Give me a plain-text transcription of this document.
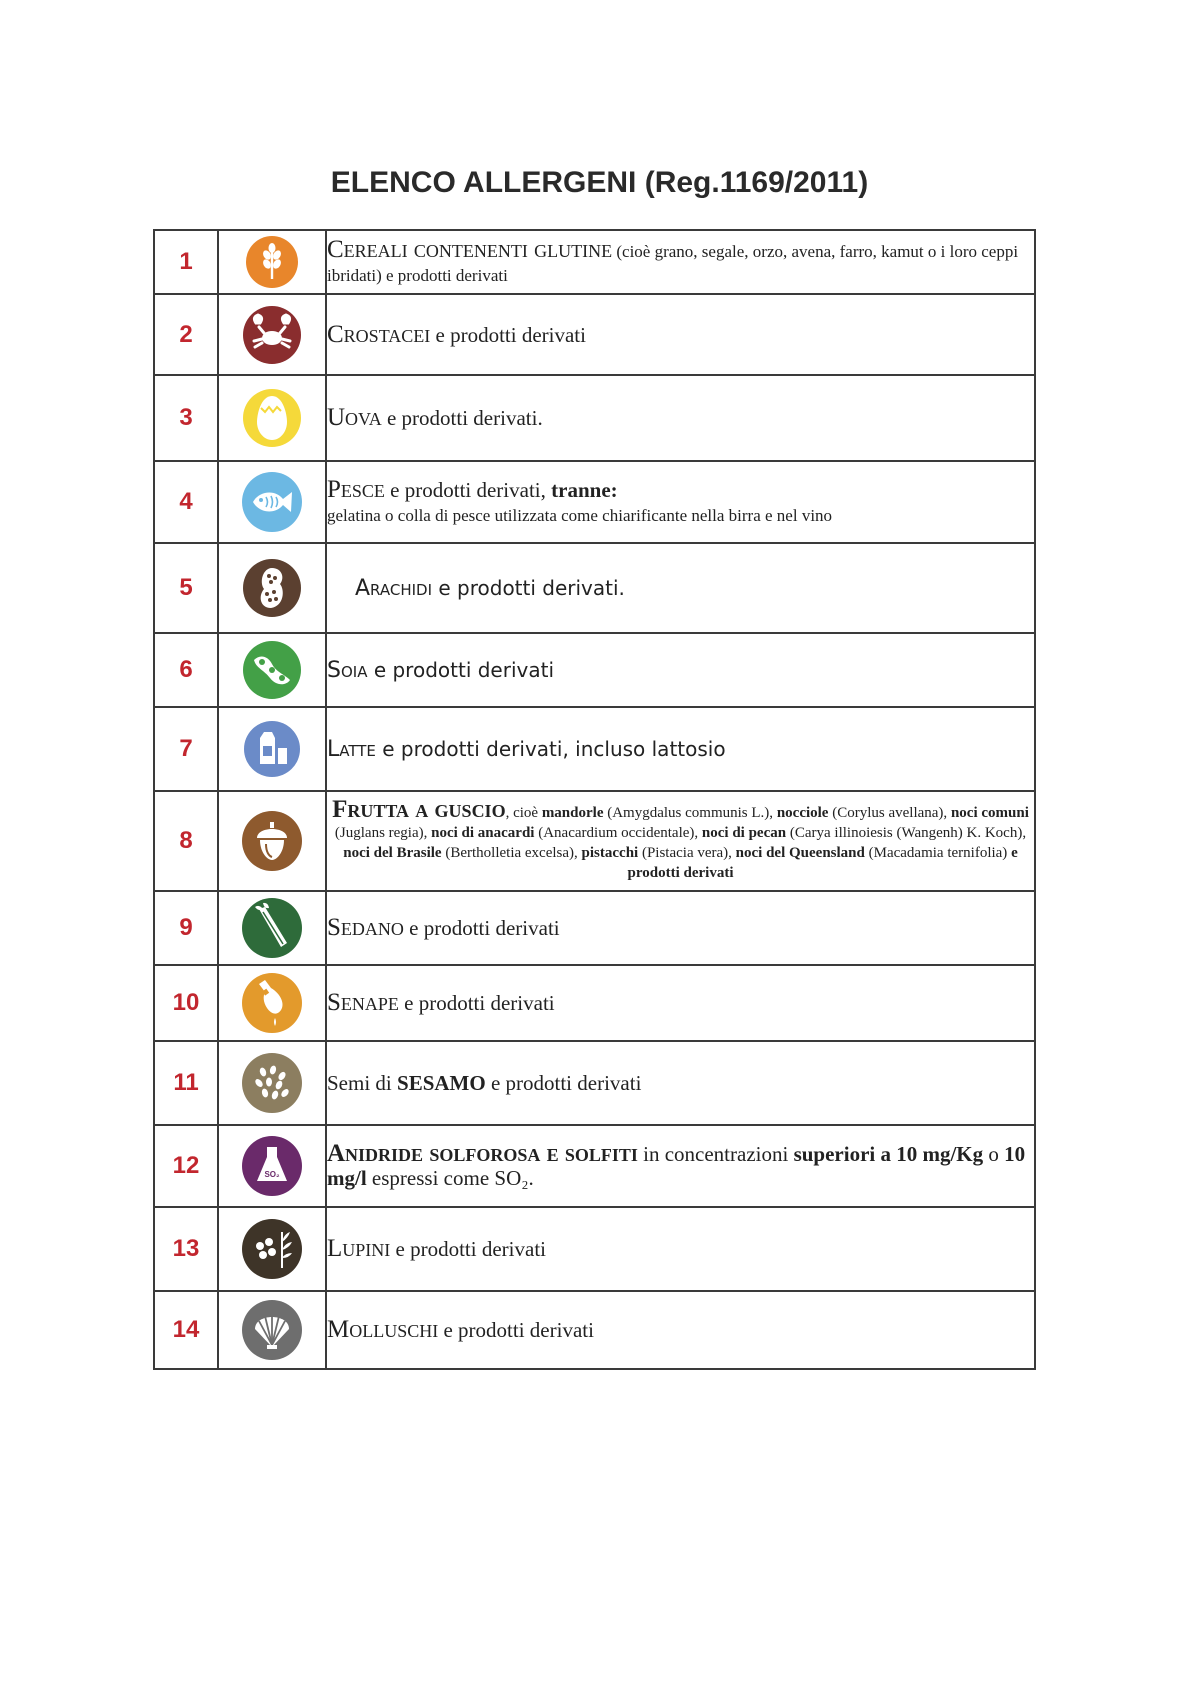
ELENCO ALLERGENI (Reg.1169/2011)
1		Cereali contenenti glutine (cioè grano, segale, orzo, avena, farro, kamut o i loro ceppi ibridati) e prodotti derivati
2		Crostacei e prodotti derivati
3		Uova e prodotti derivati.
4		Pesce e prodotti derivati, tranne:
gelatina o colla di pesce utilizzata come chiarificante nella birra e nel vino
5		Arachidi e prodotti derivati.

6		Soia e prodotti derivati
7		Latte e prodotti derivati, incluso lattosio
8		Frutta a guscio, cioè mandorle (Amygdalus communis L.), nocciole (Corylus avellana), noci comuni (Juglans regia), noci di anacardi (Anacardium occidentale), noci di pecan (Carya illinoiesis (Wangenh) K. Koch), noci del Brasile (Bertholletia excelsa), pistacchi (Pistacia vera), noci del Queensland (Macadamia ternifolia) e prodotti derivati

9		Sedano e prodotti derivati
10		Senape e prodotti derivati
11		Semi di SESAMO e prodotti derivati
12	SO₂	Anidride solforosa e solfiti in concentrazioni superiori a 10 mg/Kg o 10 mg/l espressi come SO₂.

13		Lupini e prodotti derivati
14		Molluschi e prodotti derivati
